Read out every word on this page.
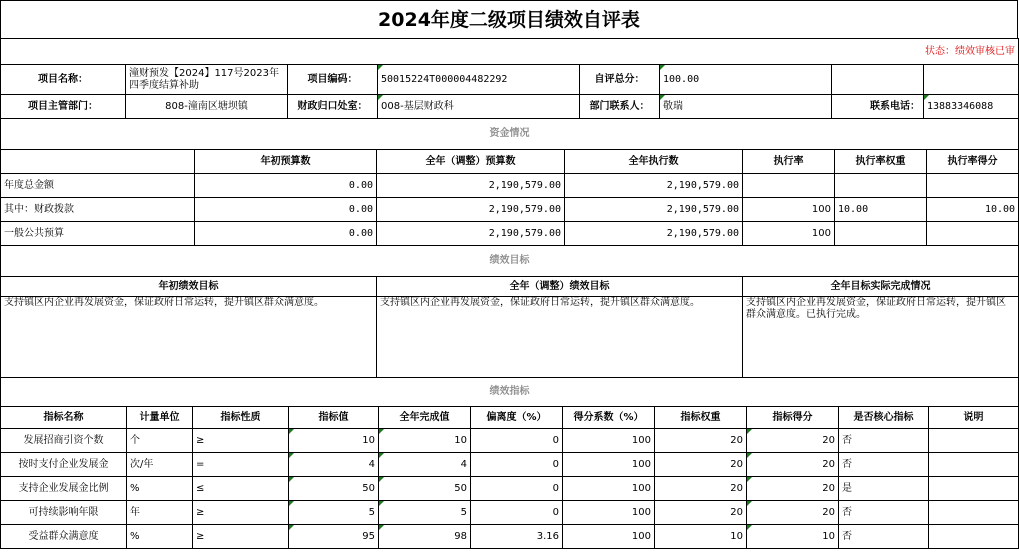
2024年度二级项目绩效自评表
状态：绩效审核已审							
项目名称：	潼财预发【2024】117号2023年四季度结算补助	项目编码：	50015224T000004482292	自评总分：	100.00		
项目主管部门：	808-潼南区塘坝镇	财政归口处室：	008-基层财政科	部门联系人：	敬瑞	联系电话：	13883346088
资金情况						
	年初预算数	全年（调整）预算数	全年执行数	执行率	执行率权重	执行率得分
年度总金额	0.00	2,190,579.00	2,190,579.00			
其中：财政拨款	0.00	2,190,579.00	2,190,579.00	100	10.00	10.00
一般公共预算	0.00	2,190,579.00	2,190,579.00	100		
绩效目标		
年初绩效目标	全年（调整）绩效目标	全年目标实际完成情况
支持镇区内企业再发展资金，保证政府日常运转，提升镇区群众满意度。	支持镇区内企业再发展资金，保证政府日常运转，提升镇区群众满意度。	支持镇区内企业再发展资金，保证政府日常运转，提升镇区群众满意度。已执行完成。
绩效指标										
指标名称	计量单位	指标性质	指标值	全年完成值	偏离度（%）	得分系数（%）	指标权重	指标得分	是否核心指标	说明
发展招商引资个数	个	≥	10	10	0	100	20	20	否	
按时支付企业发展金	次/年	=	4	4	0	100	20	20	否	
支持企业发展金比例	%	≤	50	50	0	100	20	20	是	
可持续影响年限	年	≥	5	5	0	100	20	20	否	
受益群众满意度	%	≥	95	98	3.16	100	10	10	否	
